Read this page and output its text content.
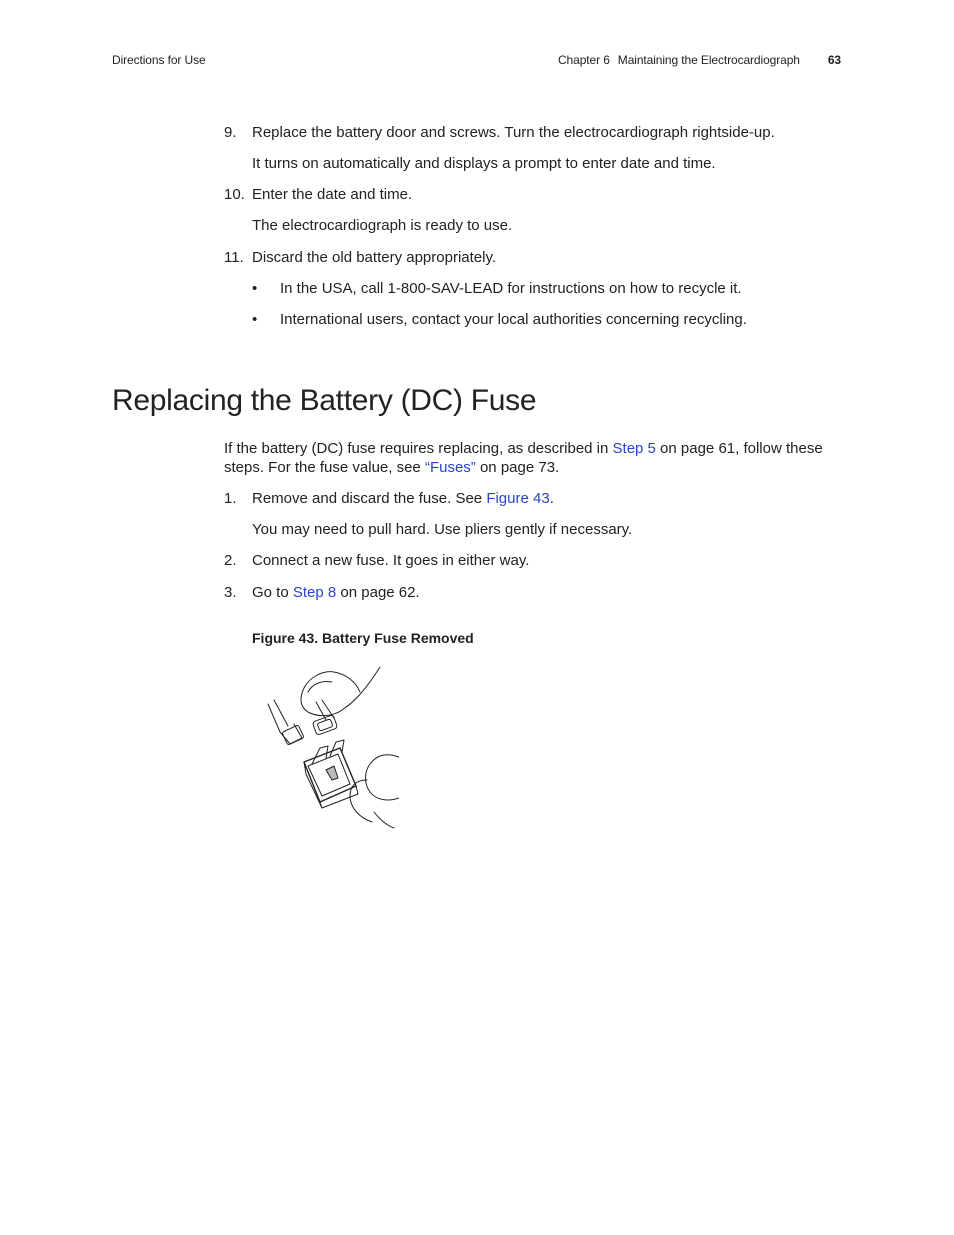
Directions for Use	Chapter 6 Maintaining the Electrocardiograph 63
9. Replace the battery door and screws. Turn the electrocardiograph rightside-up.
It turns on automatically and displays a prompt to enter date and time.
10. Enter the date and time.
The electrocardiograph is ready to use.
11. Discard the old battery appropriately.
• In the USA, call 1-800-SAV-LEAD for instructions on how to recycle it.
• International users, contact your local authorities concerning recycling.
Replacing the Battery (DC) Fuse
If the battery (DC) fuse requires replacing, as described in Step 5 on page 61, follow these
steps. For the fuse value, see “Fuses” on page 73.
1. Remove and discard the fuse. See Figure 43.
You may need to pull hard. Use pliers gently if necessary.
2. Connect a new fuse. It goes in either way.
3. Go to Step 8 on page 62.
Figure 43. Battery Fuse Removed
